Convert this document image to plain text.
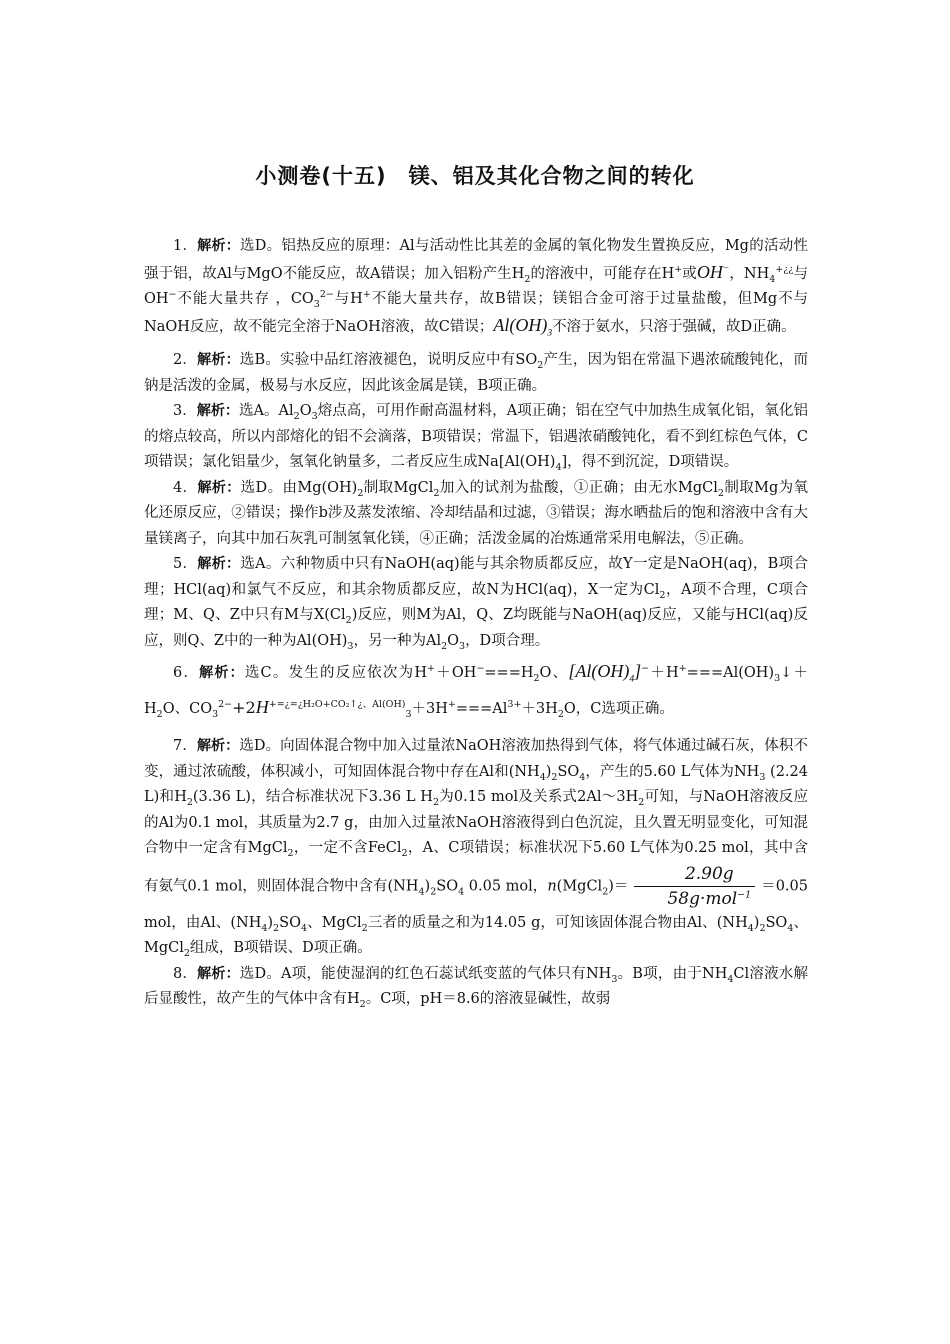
小测卷(十五)　镁、铝及其化合物之间的转化

1．解析：选D。铝热反应的原理：Al与活动性比其差的金属的氧化物发生置换反应，Mg的活动性强于铝，故Al与MgO不能反应，故A错误；加入铝粉产生$H_2$的溶液中，可能存在H+或OH−，$NH_4^{+¿¿}$与OH−不能大量共存 ，$CO_3^{2-}$与H+不能大量共存，故B错误；镁铝合金可溶于过量盐酸，但Mg不与NaOH反应，故不能完全溶于NaOH溶液，故C错误；$Al(OH)_3$不溶于氨水，只溶于强碱，故D正确。

2．解析：选B。实验中品红溶液褪色，说明反应中有$SO_2$产生，因为铝在常温下遇浓硫酸钝化，而钠是活泼的金属，极易与水反应，因此该金属是镁，B项正确。

3．解析：选A。$Al_2O_3$熔点高，可用作耐高温材料，A项正确；铝在空气中加热生成氧化铝，氧化铝的熔点较高，所以内部熔化的铝不会滴落，B项错误；常温下，铝遇浓硝酸钝化，看不到红棕色气体，C项错误；氯化铝量少，氢氧化钠量多，二者反应生成$Na[Al(OH)_4]$，得不到沉淀，D项错误。

4．解析：选D。由$Mg(OH)_2$制取MgCl$_2$加入的试剂为盐酸，①正确；由无水MgCl$_2$制取Mg为氧化还原反应，②错误；操作b涉及蒸发浓缩、冷却结晶和过滤，③错误；海水晒盐后的饱和溶液中含有大量镁离子，向其中加石灰乳可制氢氧化镁，④正确；活泼金属的冶炼通常采用电解法，⑤正确。

5．解析：选A。六种物质中只有NaOH(aq)能与其余物质都反应，故Y一定是NaOH(aq)，B项合理；HCl(aq)和氯气不反应，和其余物质都反应，故N为HCl(aq)，X一定为$Cl_2$，A项不合理，C项合理；M、Q、Z中只有M与$X(Cl_2)$反应，则M为Al，Q、Z均既能与NaOH(aq)反应，又能与HCl(aq)反应，则Q、Z中的一种为$Al(OH)_3$，另一种为$Al_2O_3$，D项合理。

6．解析：选C。发生的反应依次为$H^++OH^-===H_2O$、$[Al(OH)_4]^-+H^+===Al(OH)_3↓+H_2O$、$CO_3^{2-}+2H^{+=¿=¿H_2O+CO_2↑¿、Al(OH)}_3+3H^+===Al^{3+}+3H_2O$，C选项正确。

7．解析：选D。向固体混合物中加入过量浓NaOH溶液加热得到气体，将气体通过碱石灰，体积不变，通过浓硫酸，体积减小，可知固体混合物中存在Al和$(NH_4)_2SO_4$，产生的5.60 L气体为$NH_3$ (2.24 L)和$H_2(3.36$ L)，结合标准状况下3.36 L $H_2$为0.15 mol及关系式$2Al\sim 3H_2$可知，与NaOH溶液反应的Al为0.1 mol，其质量为2.7 g，由加入过量浓NaOH溶液得到白色沉淀，且久置无明显变化，可知混合物中一定含有MgCl$_2$，一定不含FeCl$_2$，A、C项错误；标准状况下5.60 L气体为0.25 mol，其中含有氨气0.1 mol，则固体混合物中含有$(NH_4)_2SO_4$ 0.05 mol，n(MgCl$_2$)＝ $\frac{2.90g}{58g\cdot mol^{-1}} =0.05$ mol，由Al、$(NH_4)_2SO_4$、MgCl$_2$三者的质量之和为14.05 g，可知该固体混合物由Al、$(NH_4)_2SO_4$、MgCl$_2$组成，B项错误、D项正确。

8．解析：选D。A项，能使湿润的红色石蕊试纸变蓝的气体只有$NH_3$。B项，由于$NH_4Cl$溶液水解后显酸性，故产生的气体中含有$H_2$。C项，pH＝8.6的溶液显碱性，故弱
